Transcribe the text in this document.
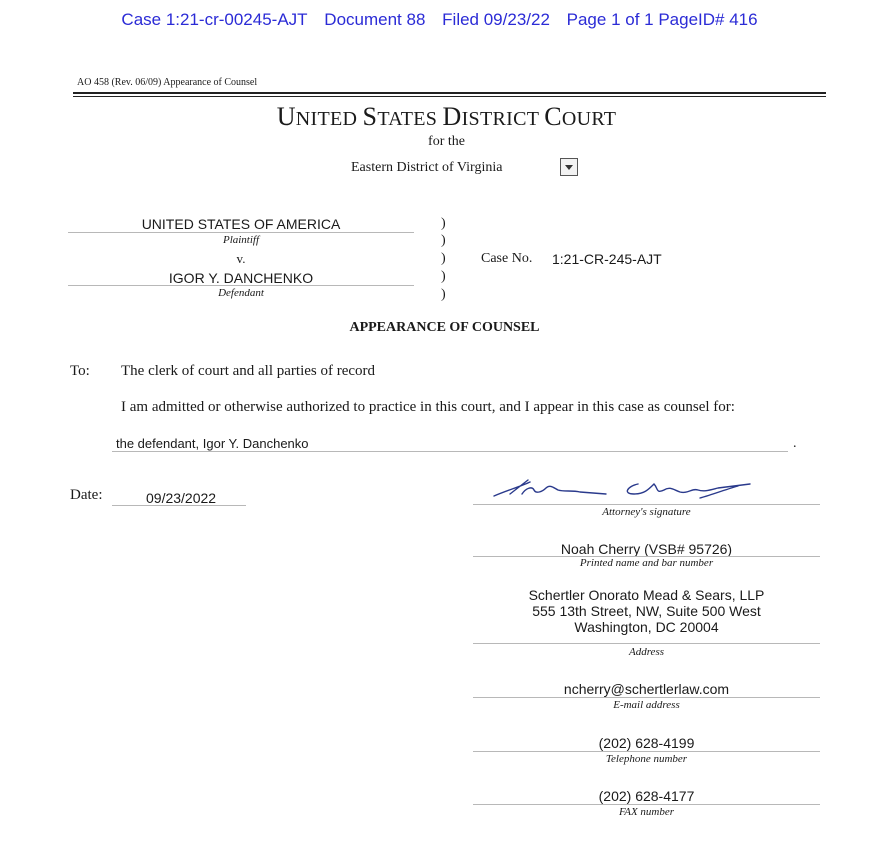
Case 1:21-cr-00245-AJT Document 88 Filed 09/23/22 Page 1 of 1 PageID# 416
AO 458 (Rev. 06/09) Appearance of Counsel
UNITED STATES DISTRICT COURT
for the
Eastern District of Virginia
UNITED STATES OF AMERICA
Plaintiff
v.
IGOR Y. DANCHENKO
Defendant
)
)
)
)
)
Case No. 1:21-CR-245-AJT
APPEARANCE OF COUNSEL
To: The clerk of court and all parties of record
I am admitted or otherwise authorized to practice in this court, and I appear in this case as counsel for:
the defendant, Igor Y. Danchenko	.
Date:	09/23/2022
Attorney's signature
Noah Cherry (VSB# 95726)
Printed name and bar number
Schertler Onorato Mead & Sears, LLP
555 13th Street, NW, Suite 500 West
Washington, DC 20004
Address
ncherry@schertlerlaw.com
E-mail address
(202) 628-4199
Telephone number
(202) 628-4177
FAX number
